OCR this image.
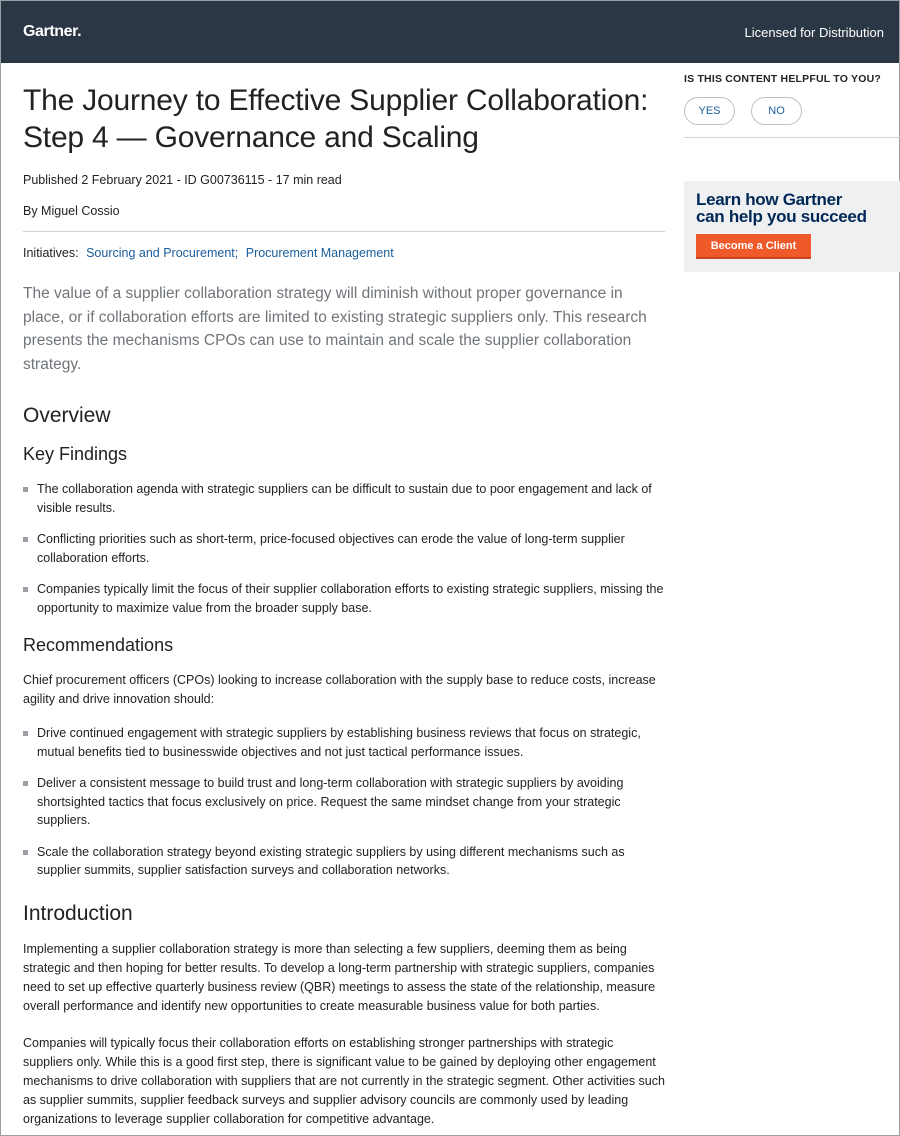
Gartner.	Licensed for Distribution
The Journey to Effective Supplier Collaboration:
Step 4 — Governance and Scaling
Published 2 February 2021 - ID G00736115 - 17 min read
By Miguel Cossio
Initiatives: Sourcing and Procurement; Procurement Management

The value of a supplier collaboration strategy will diminish without proper governance in place, or if collaboration efforts are limited to existing strategic suppliers only. This research presents the mechanisms CPOs can use to maintain and scale the supplier collaboration strategy.

Overview
Key Findings
The collaboration agenda with strategic suppliers can be difficult to sustain due to poor engagement and lack of visible results.
Conflicting priorities such as short-term, price-focused objectives can erode the value of long-term supplier collaboration efforts.
Companies typically limit the focus of their supplier collaboration efforts to existing strategic suppliers, missing the opportunity to maximize value from the broader supply base.
Recommendations

Chief procurement officers (CPOs) looking to increase collaboration with the supply base to reduce costs, increase agility and drive innovation should:

Drive continued engagement with strategic suppliers by establishing business reviews that focus on strategic, mutual benefits tied to businesswide objectives and not just tactical performance issues.
Deliver a consistent message to build trust and long-term collaboration with strategic suppliers by avoiding shortsighted tactics that focus exclusively on price. Request the same mindset change from your strategic suppliers.
Scale the collaboration strategy beyond existing strategic suppliers by using different mechanisms such as supplier summits, supplier satisfaction surveys and collaboration networks.
Introduction

Implementing a supplier collaboration strategy is more than selecting a few suppliers, deeming them as being strategic and then hoping for better results. To develop a long-term partnership with strategic suppliers, companies need to set up effective quarterly business review (QBR) meetings to assess the state of the relationship, measure overall performance and identify new opportunities to create measurable business value for both parties.

Companies will typically focus their collaboration efforts on establishing stronger partnerships with strategic suppliers only. While this is a good first step, there is significant value to be gained by deploying other engagement mechanisms to drive collaboration with suppliers that are not currently in the strategic segment. Other activities such as supplier summits, supplier feedback surveys and supplier advisory councils are commonly used by leading organizations to leverage supplier collaboration for competitive advantage.

IS THIS CONTENT HELPFUL TO YOU?
YES	NO
Learn how Gartner
can help you succeed
Become a Client
